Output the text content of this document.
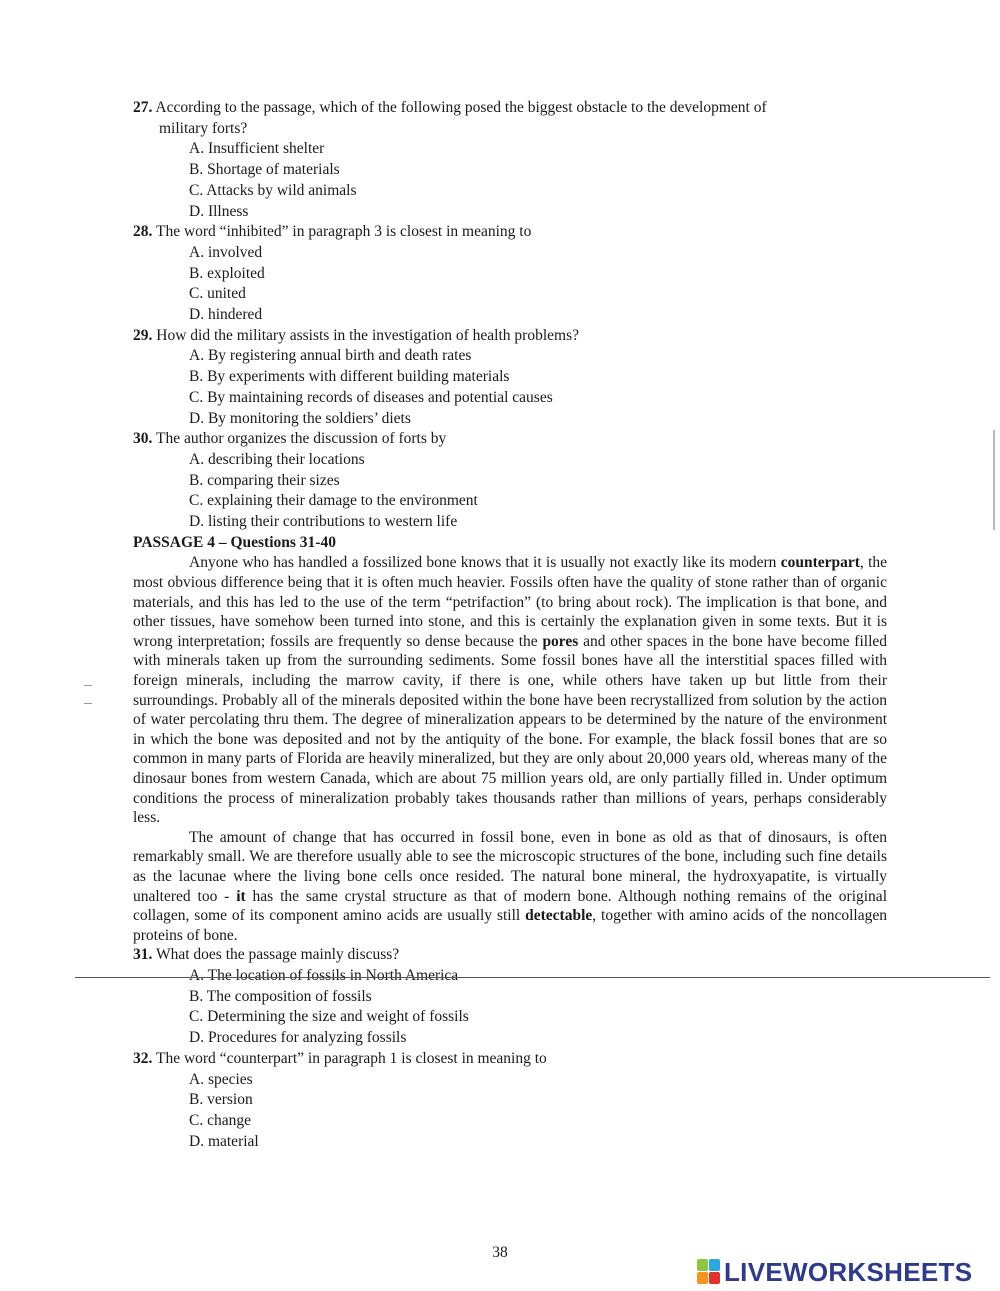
27. According to the passage, which of the following posed the biggest obstacle to the development of
military forts?
A. Insufficient shelter
B. Shortage of materials
C. Attacks by wild animals
D. Illness
28. The word “inhibited” in paragraph 3 is closest in meaning to
A. involved
B. exploited
C. united
D. hindered
29. How did the military assists in the investigation of health problems?
A. By registering annual birth and death rates
B. By experiments with different building materials
C. By maintaining records of diseases and potential causes
D. By monitoring the soldiers’ diets
30. The author organizes the discussion of forts by
A. describing their locations
B. comparing their sizes
C. explaining their damage to the environment
D. listing their contributions to western life
PASSAGE 4 – Questions 31-40

Anyone who has handled a fossilized bone knows that it is usually not exactly like its modern counterpart, the most obvious difference being that it is often much heavier. Fossils often have the quality of stone rather than of organic materials, and this has led to the use of the term “petrifaction” (to bring about rock). The implication is that bone, and other tissues, have somehow been turned into stone, and this is certainly the explanation given in some texts. But it is wrong interpretation; fossils are frequently so dense because the pores and other spaces in the bone have become filled with minerals taken up from the surrounding sediments. Some fossil bones have all the interstitial spaces filled with foreign minerals, including the marrow cavity, if there is one, while others have taken up but little from their surroundings. Probably all of the minerals deposited within the bone have been recrystallized from solution by the action of water percolating thru them. The degree of mineralization appears to be determined by the nature of the environment in which the bone was deposited and not by the antiquity of the bone. For example, the black fossil bones that are so common in many parts of Florida are heavily mineralized, but they are only about 20,000 years old, whereas many of the dinosaur bones from western Canada, which are about 75 million years old, are only partially filled in. Under optimum conditions the process of mineralization probably takes thousands rather than millions of years, perhaps considerably less.

The amount of change that has occurred in fossil bone, even in bone as old as that of dinosaurs, is often remarkably small. We are therefore usually able to see the microscopic structures of the bone, including such fine details as the lacunae where the living bone cells once resided. The natural bone mineral, the hydroxyapatite, is virtually unaltered too - it has the same crystal structure as that of modern bone. Although nothing remains of the original collagen, some of its component amino acids are usually still detectable, together with amino acids of the noncollagen proteins of bone.

31. What does the passage mainly discuss?
A. The location of fossils in North America
B. The composition of fossils
C. Determining the size and weight of fossils
D. Procedures for analyzing fossils
32. The word “counterpart” in paragraph 1 is closest in meaning to
A. species
B. version
C. change
D. material
38
LIVEWORKSHEETS
